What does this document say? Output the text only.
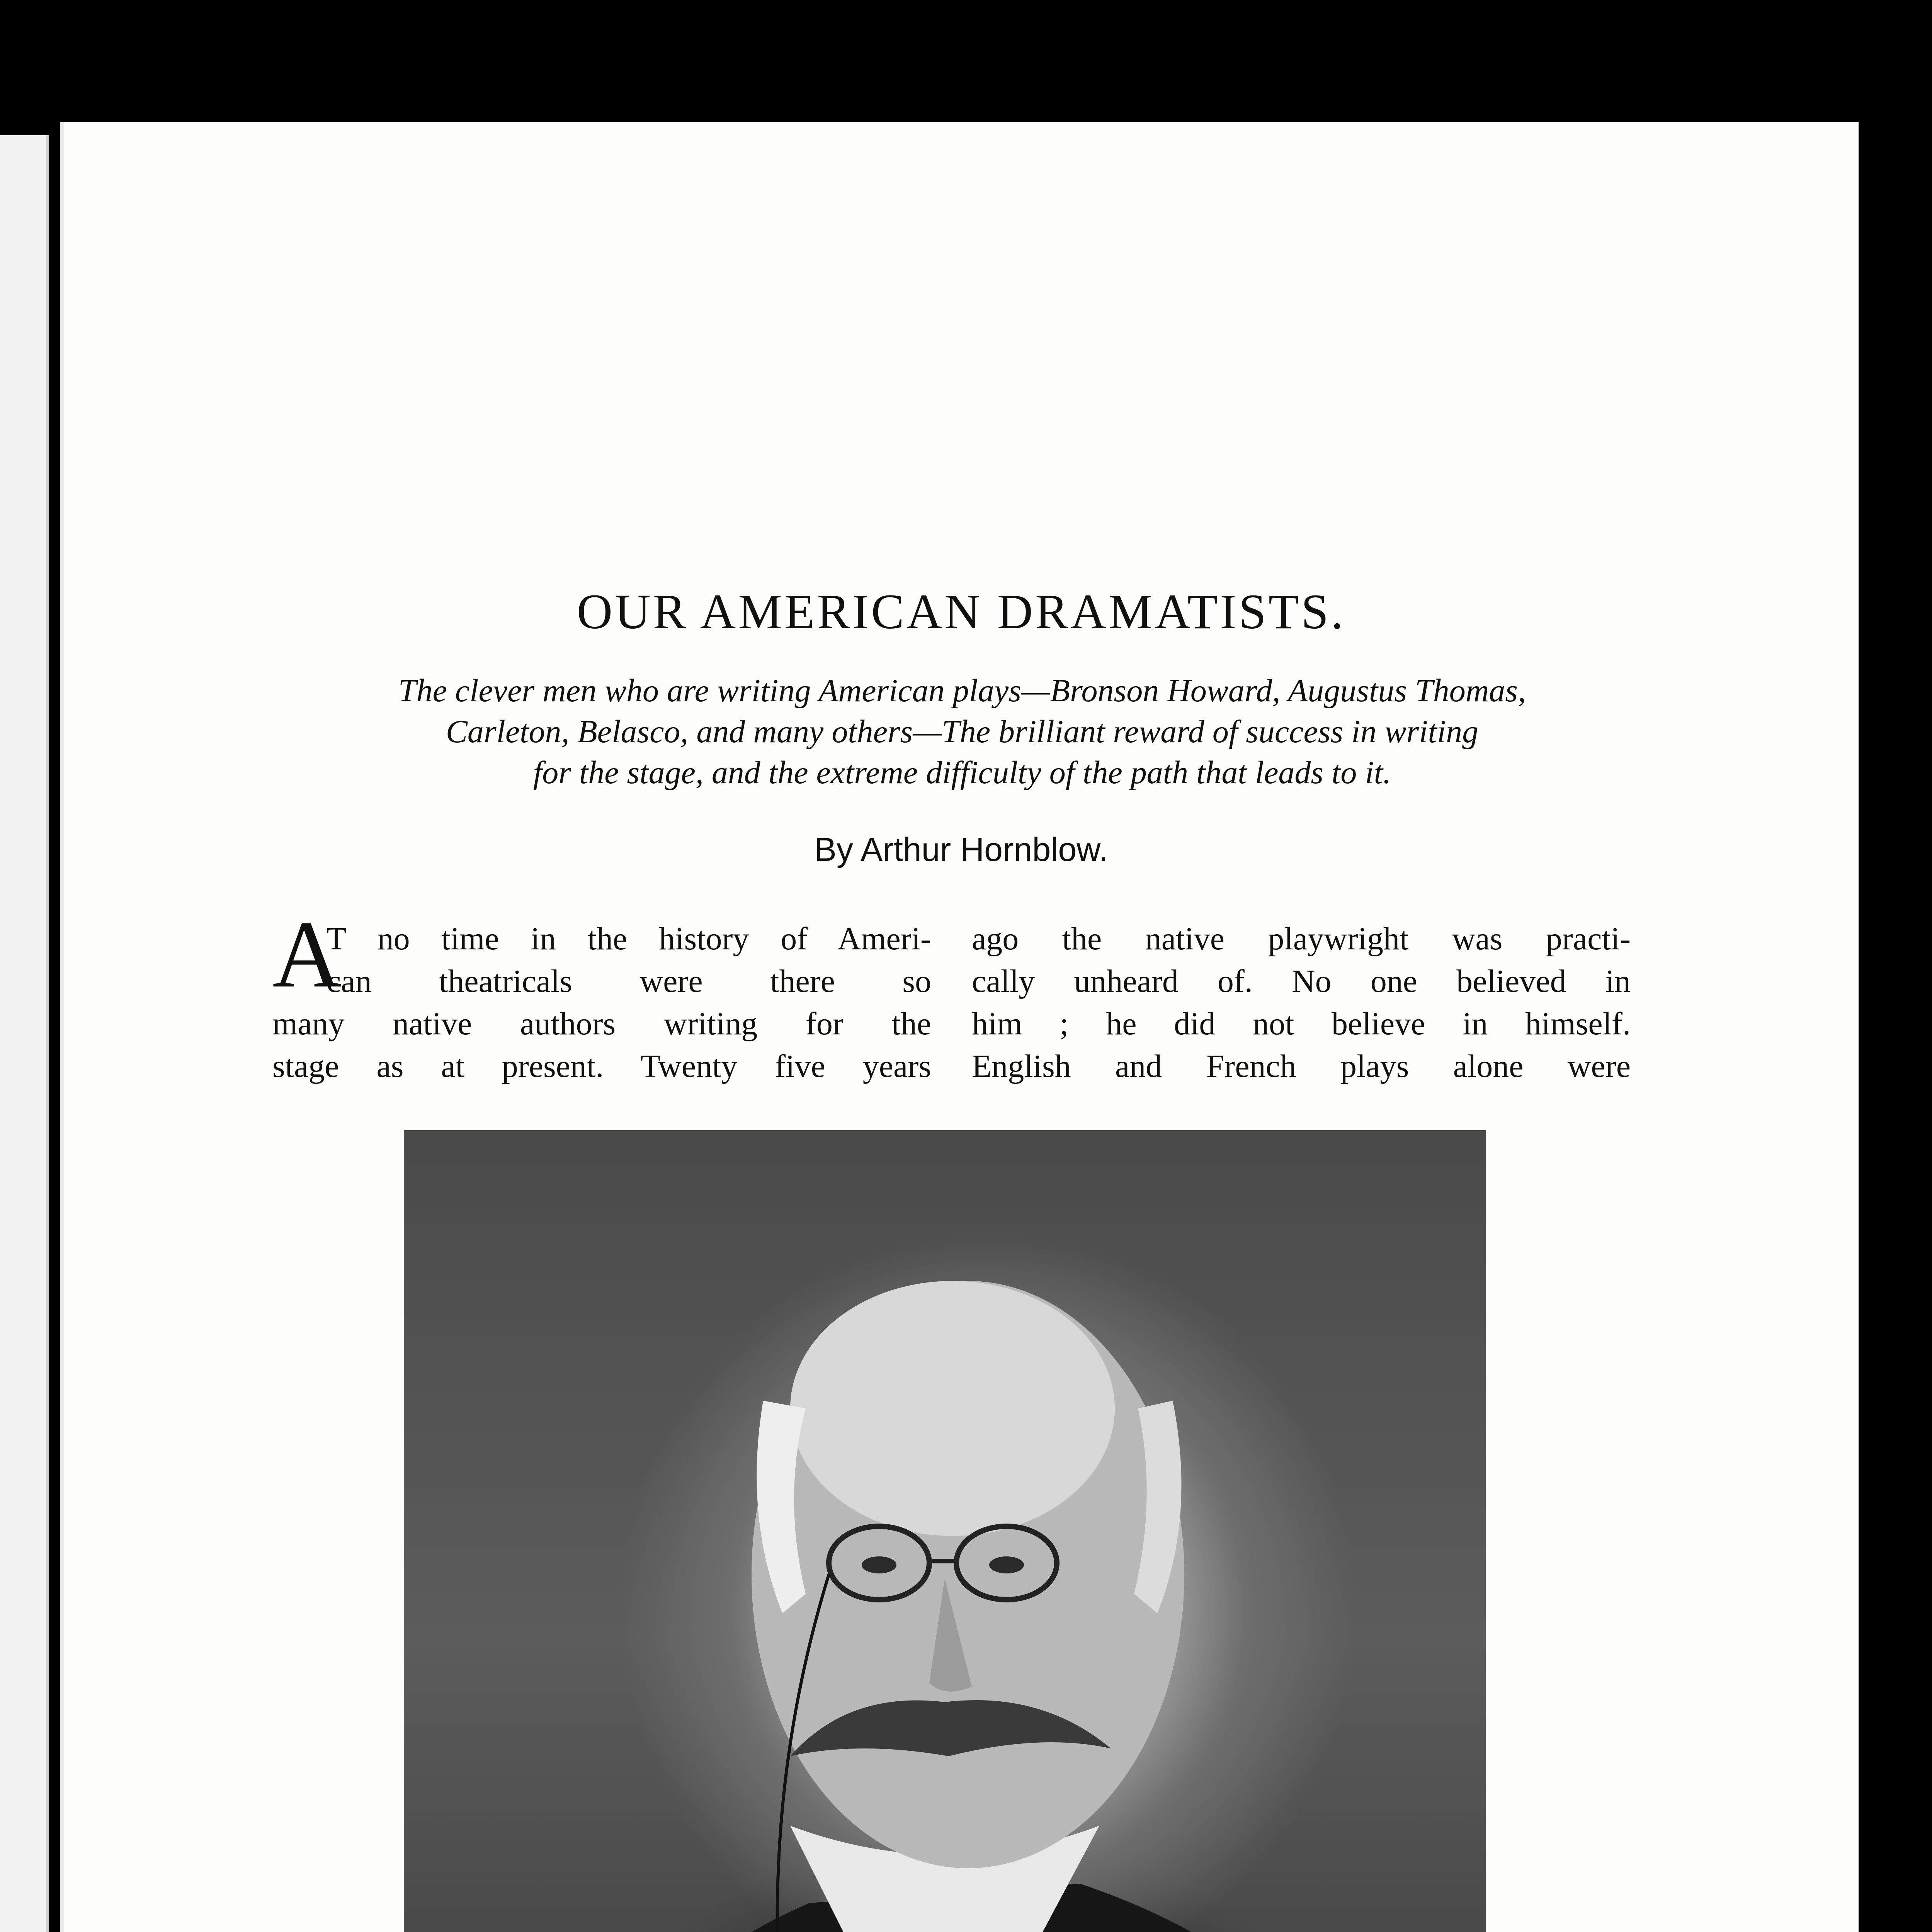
OUR AMERICAN DRAMATISTS.

The clever men who are writing American plays—Bronson Howard, Augustus Thomas,
Carleton, Belasco, and many others—The brilliant reward of success in writing
for the stage, and the extreme difficulty of the path that leads to it.

By Arthur Hornblow.

A
T no time in the history of Ameri-
can theatricals were there so
many native authors writing for the
stage as at present. Twenty five years
ago the native playwright was practi-
cally unheard of. No one believed in
him ; he did not believe in himself.
English and French plays alone were
